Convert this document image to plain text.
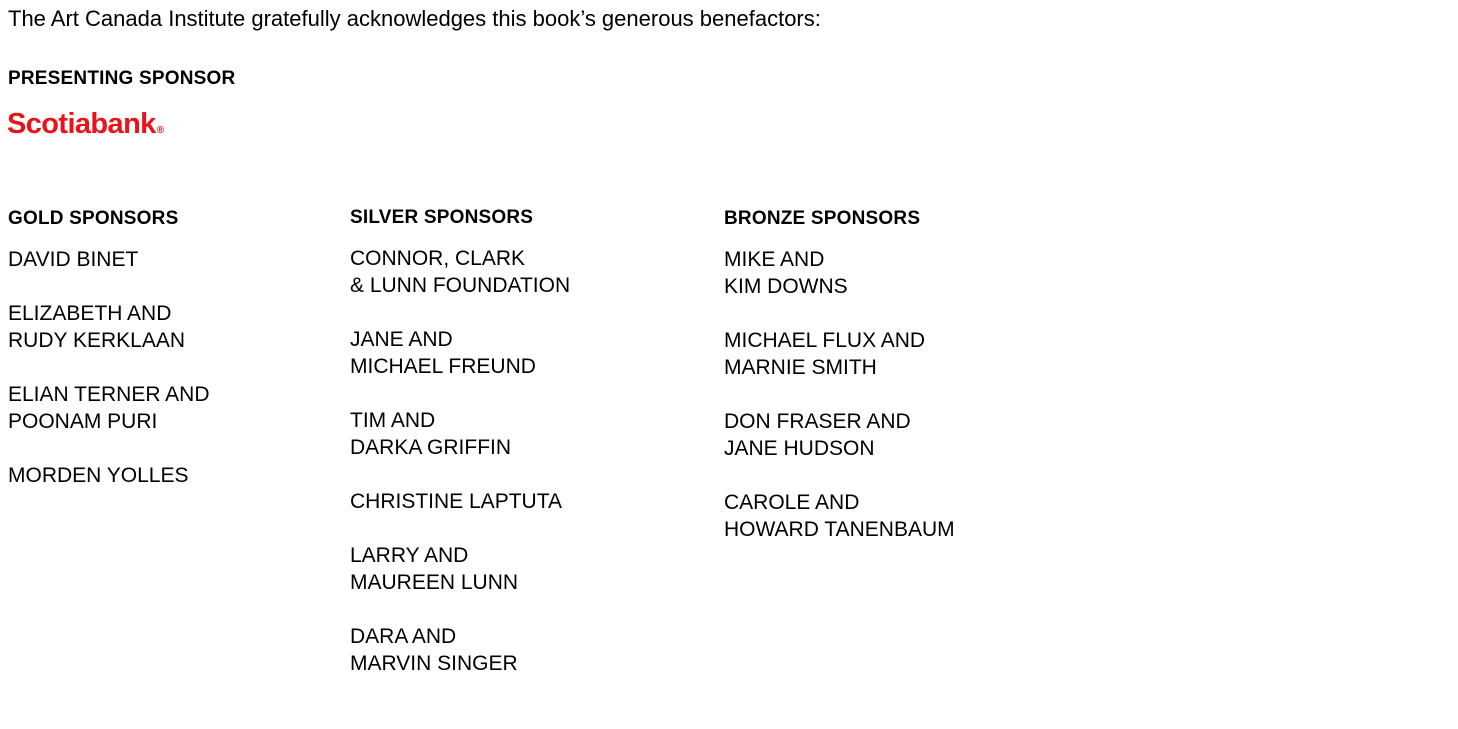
The Art Canada Institute gratefully acknowledges this book’s generous benefactors:
PRESENTING SPONSOR
Scotiabank®
GOLD SPONSORS
DAVID BINET
ELIZABETH AND
RUDY KERKLAAN
ELIAN TERNER AND
POONAM PURI
MORDEN YOLLES
SILVER SPONSORS
CONNOR, CLARK
& LUNN FOUNDATION
JANE AND
MICHAEL FREUND
TIM AND
DARKA GRIFFIN
CHRISTINE LAPTUTA
LARRY AND
MAUREEN LUNN
DARA AND
MARVIN SINGER
BRONZE SPONSORS
MIKE AND
KIM DOWNS
MICHAEL FLUX AND
MARNIE SMITH
DON FRASER AND
JANE HUDSON
CAROLE AND
HOWARD TANENBAUM
